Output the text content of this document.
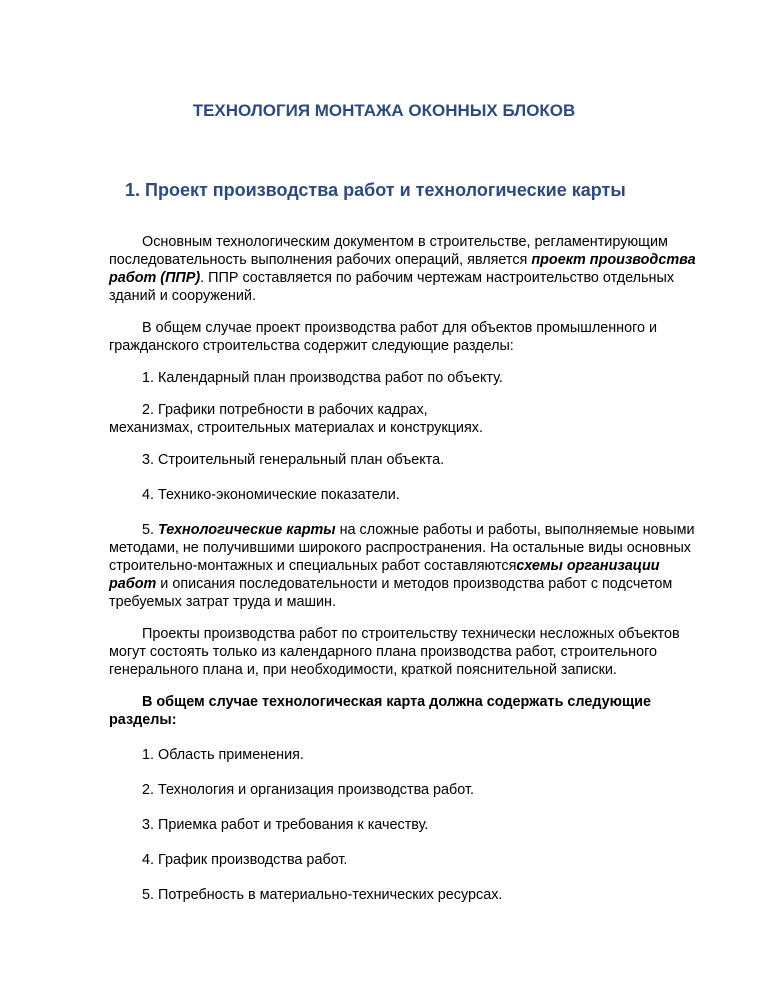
ТЕХНОЛОГИЯ МОНТАЖА ОКОННЫХ БЛОКОВ
1. Проект производства работ и технологические карты

Основным технологическим документом в строительстве, регламентирующим последовательность выполнения рабочих операций, является проект производства работ (ППР). ППР составляется по рабочим чертежам настроительство отдельных зданий и сооружений.

В общем случае проект производства работ для объектов промышленного и гражданского строительства содержит следующие разделы:

1. Календарный план производства работ по объекту.

2. Графики потребности в рабочих кадрах,
механизмах, строительных материалах и конструкциях.

3. Строительный генеральный план объекта.

4. Технико-экономические показатели.

5. Технологические карты на сложные работы и работы, выполняемые новыми методами, не получившими широкого распространения. На остальные виды основных строительно-монтажных и специальных работ составляютсясхемы организации работ и описания последовательности и методов производства работ с подсчетом требуемых затрат труда и машин.

Проекты производства работ по строительству технически несложных объектов могут состоять только из календарного плана производства работ, строительного генерального плана и, при необходимости, краткой пояснительной записки.

В общем случае технологическая карта должна содержать следующие разделы:

1. Область применения.

2. Технология и организация производства работ.

3. Приемка работ и требования к качеству.

4. График производства работ.

5. Потребность в материально-технических ресурсах.
